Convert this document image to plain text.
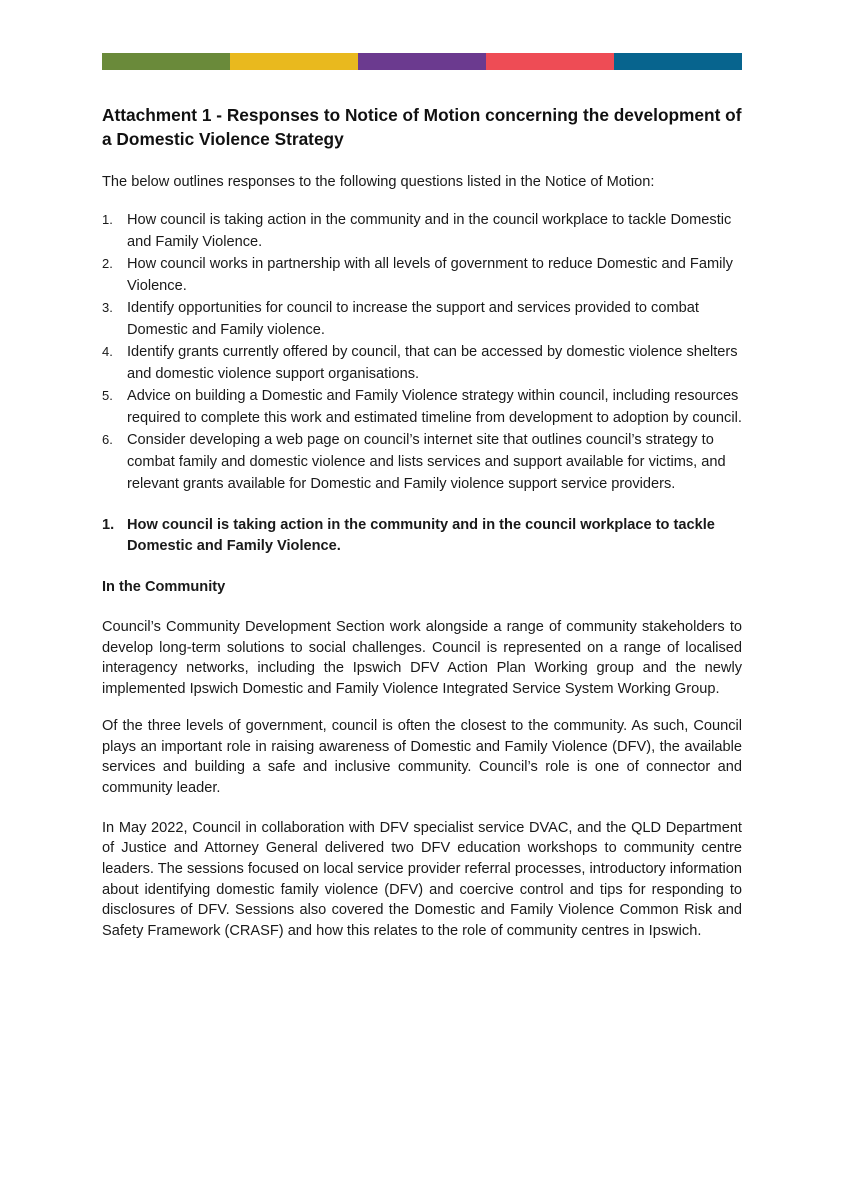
Attachment 1 - Responses to Notice of Motion concerning the development of a Domestic Violence Strategy

The below outlines responses to the following questions listed in the Notice of Motion:

1. How council is taking action in the community and in the council workplace to tackle Domestic and Family Violence.
2. How council works in partnership with all levels of government to reduce Domestic and Family Violence.
3. Identify opportunities for council to increase the support and services provided to combat Domestic and Family violence.
4. Identify grants currently offered by council, that can be accessed by domestic violence shelters and domestic violence support organisations.
5. Advice on building a Domestic and Family Violence strategy within council, including resources required to complete this work and estimated timeline from development to adoption by council.
6. Consider developing a web page on council’s internet site that outlines council’s strategy to combat family and domestic violence and lists services and support available for victims, and relevant grants available for Domestic and Family violence support service providers.
1. How council is taking action in the community and in the council workplace to tackle Domestic and Family Violence.

In the Community

Council’s Community Development Section work alongside a range of community stakeholders to develop long-term solutions to social challenges. Council is represented on a range of localised interagency networks, including the Ipswich DFV Action Plan Working group and the newly implemented Ipswich Domestic and Family Violence Integrated Service System Working Group.

Of the three levels of government, council is often the closest to the community. As such, Council plays an important role in raising awareness of Domestic and Family Violence (DFV), the available services and building a safe and inclusive community. Council’s role is one of connector and community leader.

In May 2022, Council in collaboration with DFV specialist service DVAC, and the QLD Department of Justice and Attorney General delivered two DFV education workshops to community centre leaders. The sessions focused on local service provider referral processes, introductory information about identifying domestic family violence (DFV) and coercive control and tips for responding to disclosures of DFV. Sessions also covered the Domestic and Family Violence Common Risk and Safety Framework (CRASF) and how this relates to the role of community centres in Ipswich.
